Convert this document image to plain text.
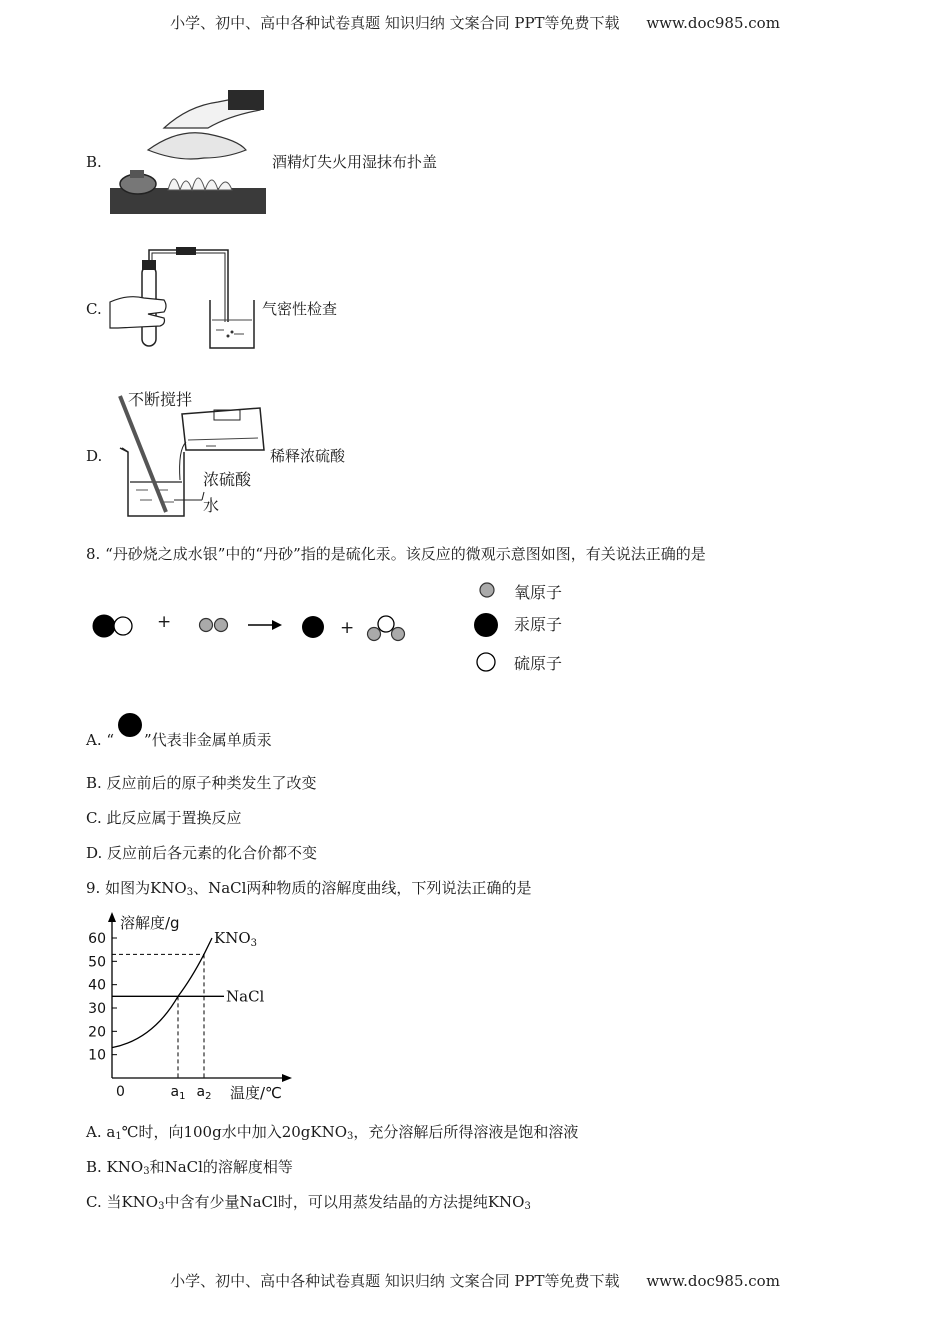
小学、初中、高中各种试卷真题 知识归纳 文案合同 PPT等免费下载 www.doc985.com
B.	酒精灯失火用湿抹布扑盖
C.	气密性检查
D.
不断搅拌
浓硫酸
水
稀释浓硫酸
8. “丹砂烧之成水银”中的“丹砂”指的是硫化汞。该反应的微观示意图如图，有关说法正确的是
+	+
氧原子
汞原子
硫原子
A. “ ”代表非金属单质汞
B. 反应前后的原子种类发生了改变
C. 此反应属于置换反应
D. 反应前后各元素的化合价都不变
9. 如图为$KNO_3$、NaCl两种物质的溶解度曲线，下列说法正确的是
溶解度/g
10
20
30
40
50
60
0	$a_1$ $a_2$ 温度/℃
NaCl
$KNO_3$
A. $a_1℃$时，向100g水中加入20gKNO$_3$，充分溶解后所得溶液是饱和溶液
B. $KNO_3$和NaCl的溶解度相等
C. 当$KNO_3$中含有少量NaCl时，可以用蒸发结晶的方法提纯$KNO_3$
小学、初中、高中各种试卷真题 知识归纳 文案合同 PPT等免费下载 www.doc985.com
